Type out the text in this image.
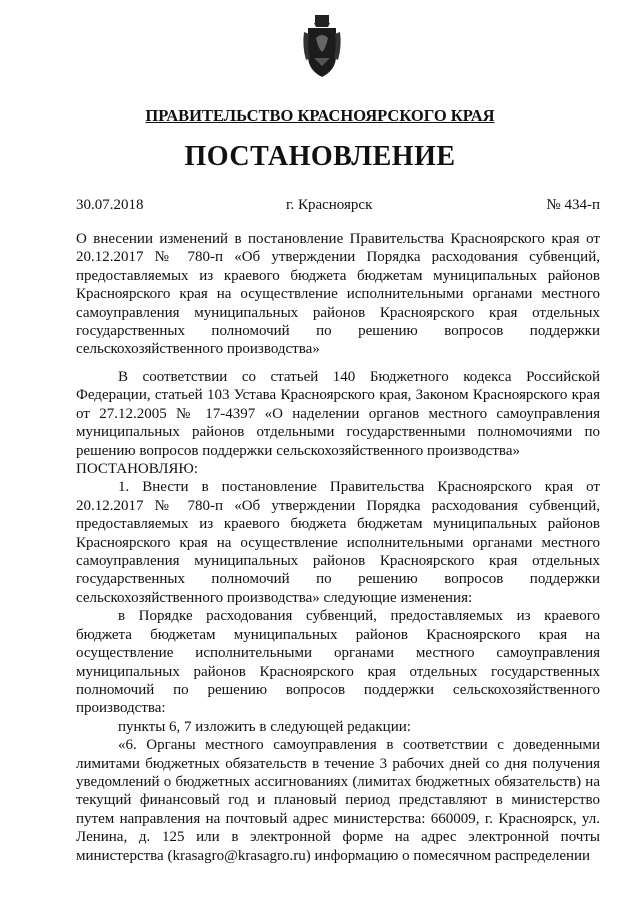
ПРАВИТЕЛЬСТВО КРАСНОЯРСКОГО КРАЯ
ПОСТАНОВЛЕНИЕ
30.07.2018	г. Красноярск	№ 434-п

О внесении изменений в постановление Правительства Красноярского края от 20.12.2017 № 780-п «Об утверждении Порядка расходования субвенций, предоставляемых из краевого бюджета бюджетам муниципальных районов Красноярского края на осуществление исполнительными органами местного самоуправления муниципальных районов Красноярского края отдельных государственных полномочий по решению вопросов поддержки сельскохозяйственного производства»

В соответствии со статьей 140 Бюджетного кодекса Российской Федерации, статьей 103 Устава Красноярского края, Законом Красноярского края от 27.12.2005 № 17-4397 «О наделении органов местного самоуправления муниципальных районов отдельными государственными полномочиями по решению вопросов поддержки сельскохозяйственного производства»

ПОСТАНОВЛЯЮ:

1. Внести в постановление Правительства Красноярского края от 20.12.2017 № 780-п «Об утверждении Порядка расходования субвенций, предоставляемых из краевого бюджета бюджетам муниципальных районов Красноярского края на осуществление исполнительными органами местного самоуправления муниципальных районов Красноярского края отдельных государственных полномочий по решению вопросов поддержки сельскохозяйственного производства» следующие изменения:

в Порядке расходования субвенций, предоставляемых из краевого бюджета бюджетам муниципальных районов Красноярского края на осуществление исполнительными органами местного самоуправления муниципальных районов Красноярского края отдельных государственных полномочий по решению вопросов поддержки сельскохозяйственного производства:

пункты 6, 7 изложить в следующей редакции:

«6. Органы местного самоуправления в соответствии с доведенными лимитами бюджетных обязательств в течение 3 рабочих дней со дня получения уведомлений о бюджетных ассигнованиях (лимитах бюджетных обязательств) на текущий финансовый год и плановый период представляют в министерство путем направления на почтовый адрес министерства: 660009, г. Красноярск, ул. Ленина, д. 125 или в электронной форме на адрес электронной почты министерства (krasagro@krasagro.ru) информацию о помесячном распределении
